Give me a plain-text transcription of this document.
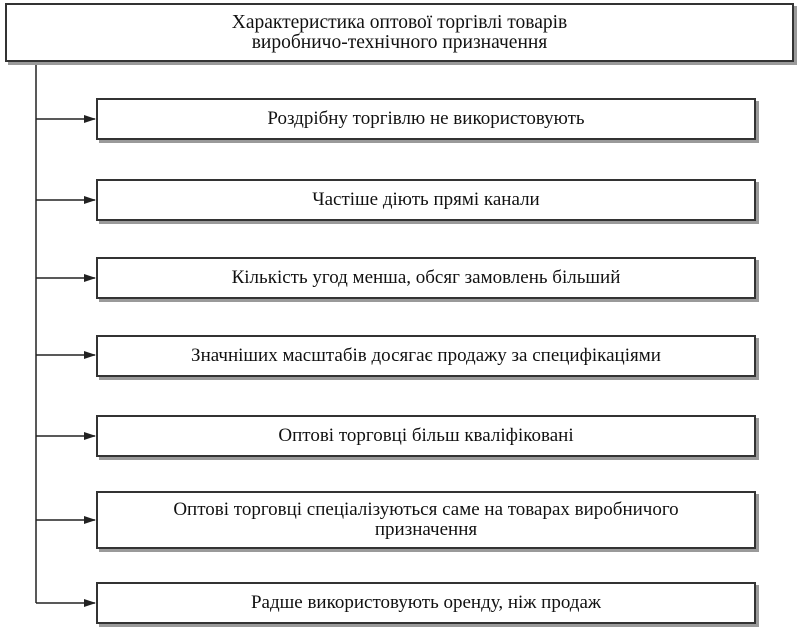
Характеристика оптової торгівлі товарів
виробничо-технічного призначення
Роздрібну торгівлю не використовують
Частіше діють прямі канали
Кількість угод менша, обсяг замовлень більший
Значніших масштабів досягає продажу за специфікаціями
Оптові торговці більш кваліфіковані
Оптові торговці спеціалізуються саме на товарах виробничого
призначення
Радше використовують оренду, ніж продаж
